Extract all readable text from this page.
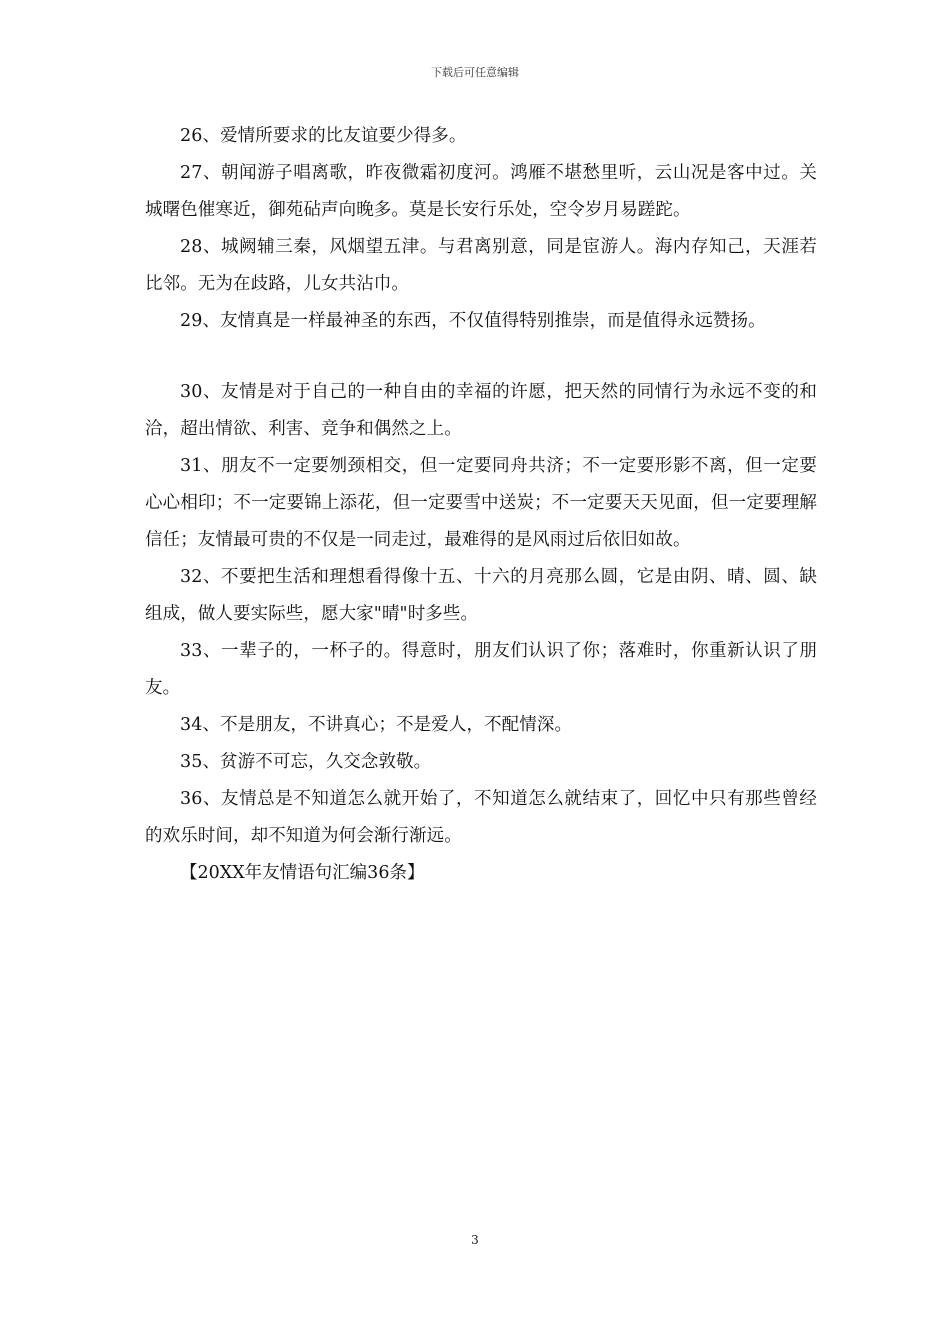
下载后可任意编辑

26、爱情所要求的比友谊要少得多。

27、朝闻游子唱离歌，昨夜微霜初度河。鸿雁不堪愁里听，云山况是客中过。关城曙色催寒近，御苑砧声向晚多。莫是长安行乐处，空令岁月易蹉跎。

28、城阙辅三秦，风烟望五津。与君离别意，同是宦游人。海内存知己，天涯若比邻。无为在歧路，儿女共沾巾。

29、友情真是一样最神圣的东西，不仅值得特别推崇，而是值得永远赞扬。

30、友情是对于自己的一种自由的幸福的许愿，把天然的同情行为永远不变的和洽，超出情欲、利害、竞争和偶然之上。

31、朋友不一定要刎颈相交，但一定要同舟共济；不一定要形影不离，但一定要心心相印；不一定要锦上添花，但一定要雪中送炭；不一定要天天见面，但一定要理解信任；友情最可贵的不仅是一同走过，最难得的是风雨过后依旧如故。

32、不要把生活和理想看得像十五、十六的月亮那么圆，它是由阴、晴、圆、缺组成，做人要实际些，愿大家"晴"时多些。

33、一辈子的，一杯子的。得意时，朋友们认识了你；落难时，你重新认识了朋友。

34、不是朋友，不讲真心；不是爱人，不配情深。

35、贫游不可忘，久交念敦敬。

36、友情总是不知道怎么就开始了，不知道怎么就结束了，回忆中只有那些曾经的欢乐时间，却不知道为何会渐行渐远。

【20XX年友情语句汇编36条】

3
